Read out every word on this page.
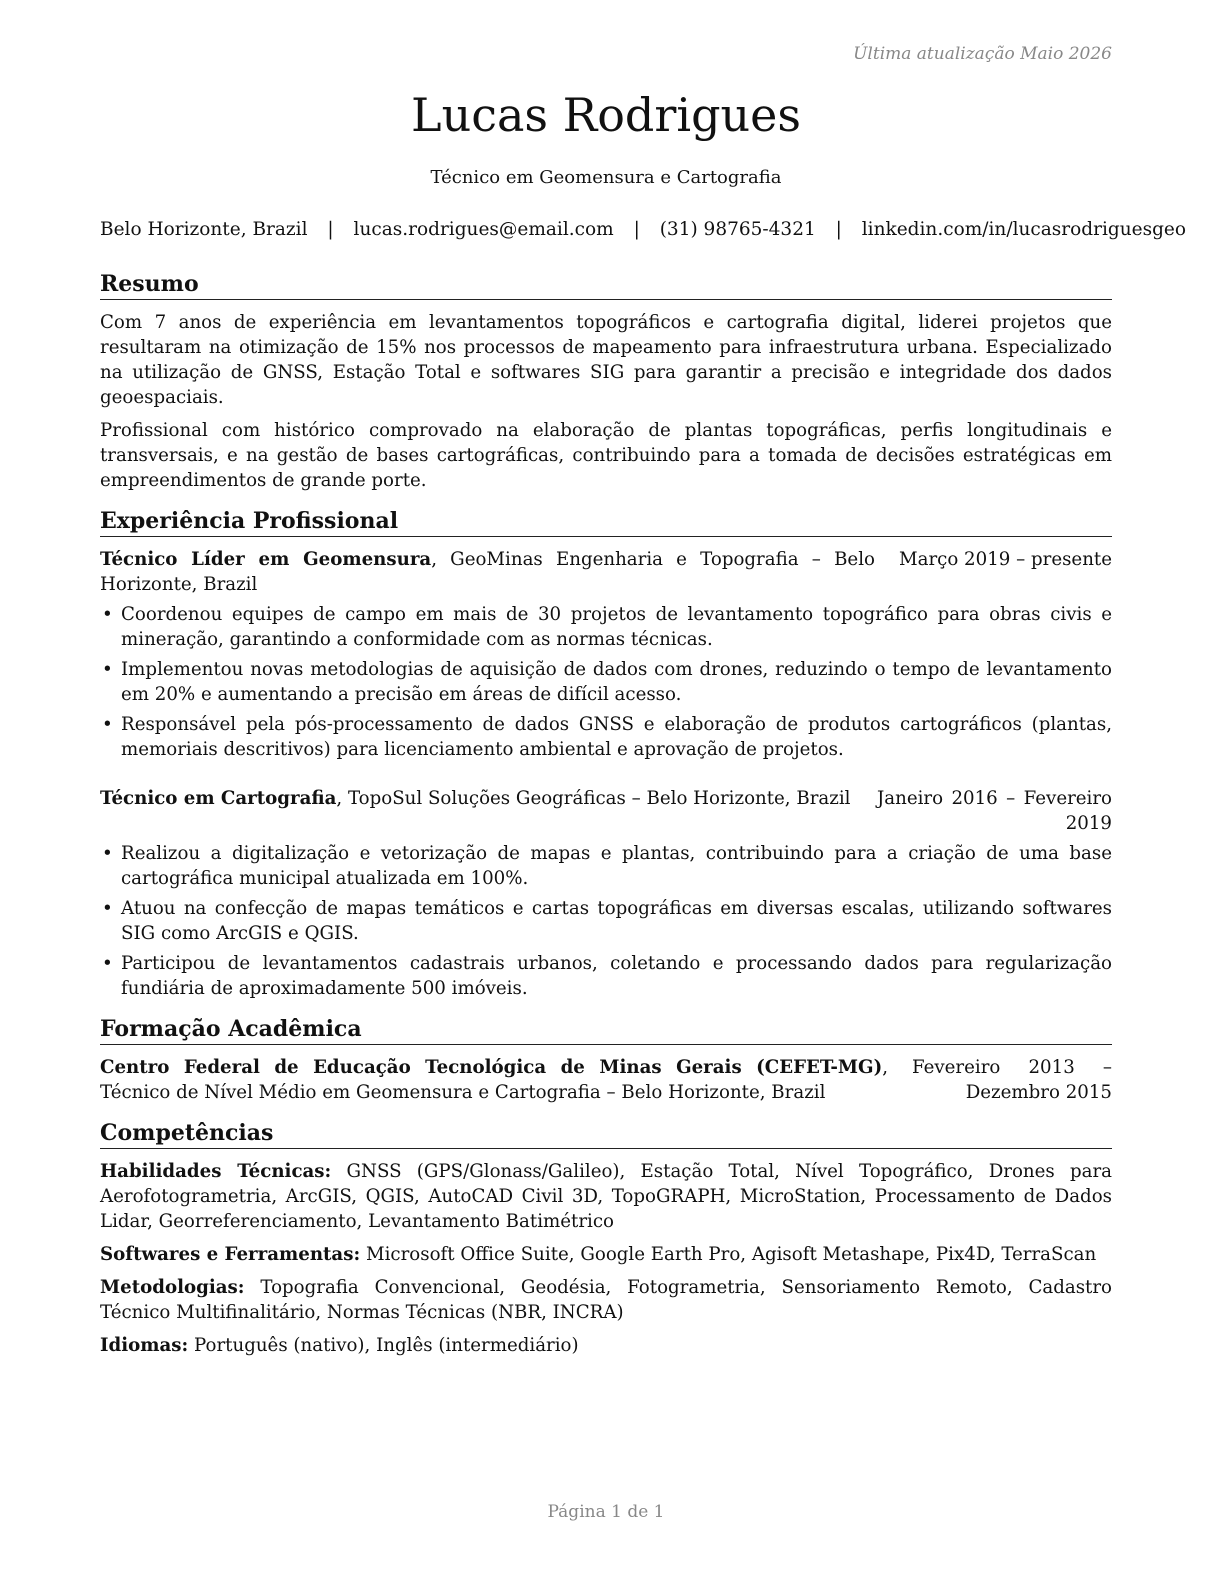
Última atualização Maio 2026
Lucas Rodrigues
Técnico em Geomensura e Cartografia
Belo Horizonte, Brazil | lucas.rodrigues@email.com | (31) 98765-4321 | linkedin.com/in/lucasrodriguesgeo
Resumo

Com 7 anos de experiência em levantamentos topográficos e cartografia digital, liderei projetos que resultaram na otimização de 15% nos processos de mapeamento para infraestrutura urbana. Especializado na utilização de GNSS, Estação Total e softwares SIG para garantir a precisão e integridade dos dados geoespaciais.

Profissional com histórico comprovado na elaboração de plantas topográficas, perfis longitudinais e transversais, e na gestão de bases cartográficas, contribuindo para a tomada de decisões estratégicas em empreendimentos de grande porte.

Experiência Profissional
Técnico Líder em Geomensura, GeoMinas Engenharia e Topografia – Belo Horizonte, Brazil
Março 2019 – presente
• Coordenou equipes de campo em mais de 30 projetos de levantamento topográfico para obras civis e mineração, garantindo a conformidade com as normas técnicas.
• Implementou novas metodologias de aquisição de dados com drones, reduzindo o tempo de levantamento em 20% e aumentando a precisão em áreas de difícil acesso.
• Responsável pela pós-processamento de dados GNSS e elaboração de produtos cartográficos (plantas, memoriais descritivos) para licenciamento ambiental e aprovação de projetos.
Técnico em Cartografia, TopoSul Soluções Geográficas – Belo Horizonte, Brazil Janeiro 2016 – Fevereiro 2019
• Realizou a digitalização e vetorização de mapas e plantas, contribuindo para a criação de uma base cartográfica municipal atualizada em 100%.
• Atuou na confecção de mapas temáticos e cartas topográficas em diversas escalas, utilizando softwares SIG como ArcGIS e QGIS.
• Participou de levantamentos cadastrais urbanos, coletando e processando dados para regularização fundiária de aproximadamente 500 imóveis.
Formação Acadêmica
Centro Federal de Educação Tecnológica de Minas Gerais (CEFET-MG), Técnico de Nível Médio em Geomensura e Cartografia – Belo Horizonte, Brazil
Fevereiro 2013 – Dezembro 2015
Competências
Habilidades Técnicas: GNSS (GPS/Glonass/Galileo), Estação Total, Nível Topográfico, Drones para Aerofotogrametria, ArcGIS, QGIS, AutoCAD Civil 3D, TopoGRAPH, MicroStation, Processamento de Dados Lidar, Georreferenciamento, Levantamento Batimétrico
Softwares e Ferramentas: Microsoft Office Suite, Google Earth Pro, Agisoft Metashape, Pix4D, TerraScan
Metodologias: Topografia Convencional, Geodésia, Fotogrametria, Sensoriamento Remoto, Cadastro Técnico Multifinalitário, Normas Técnicas (NBR, INCRA)
Idiomas: Português (nativo), Inglês (intermediário)
Página 1 de 1
